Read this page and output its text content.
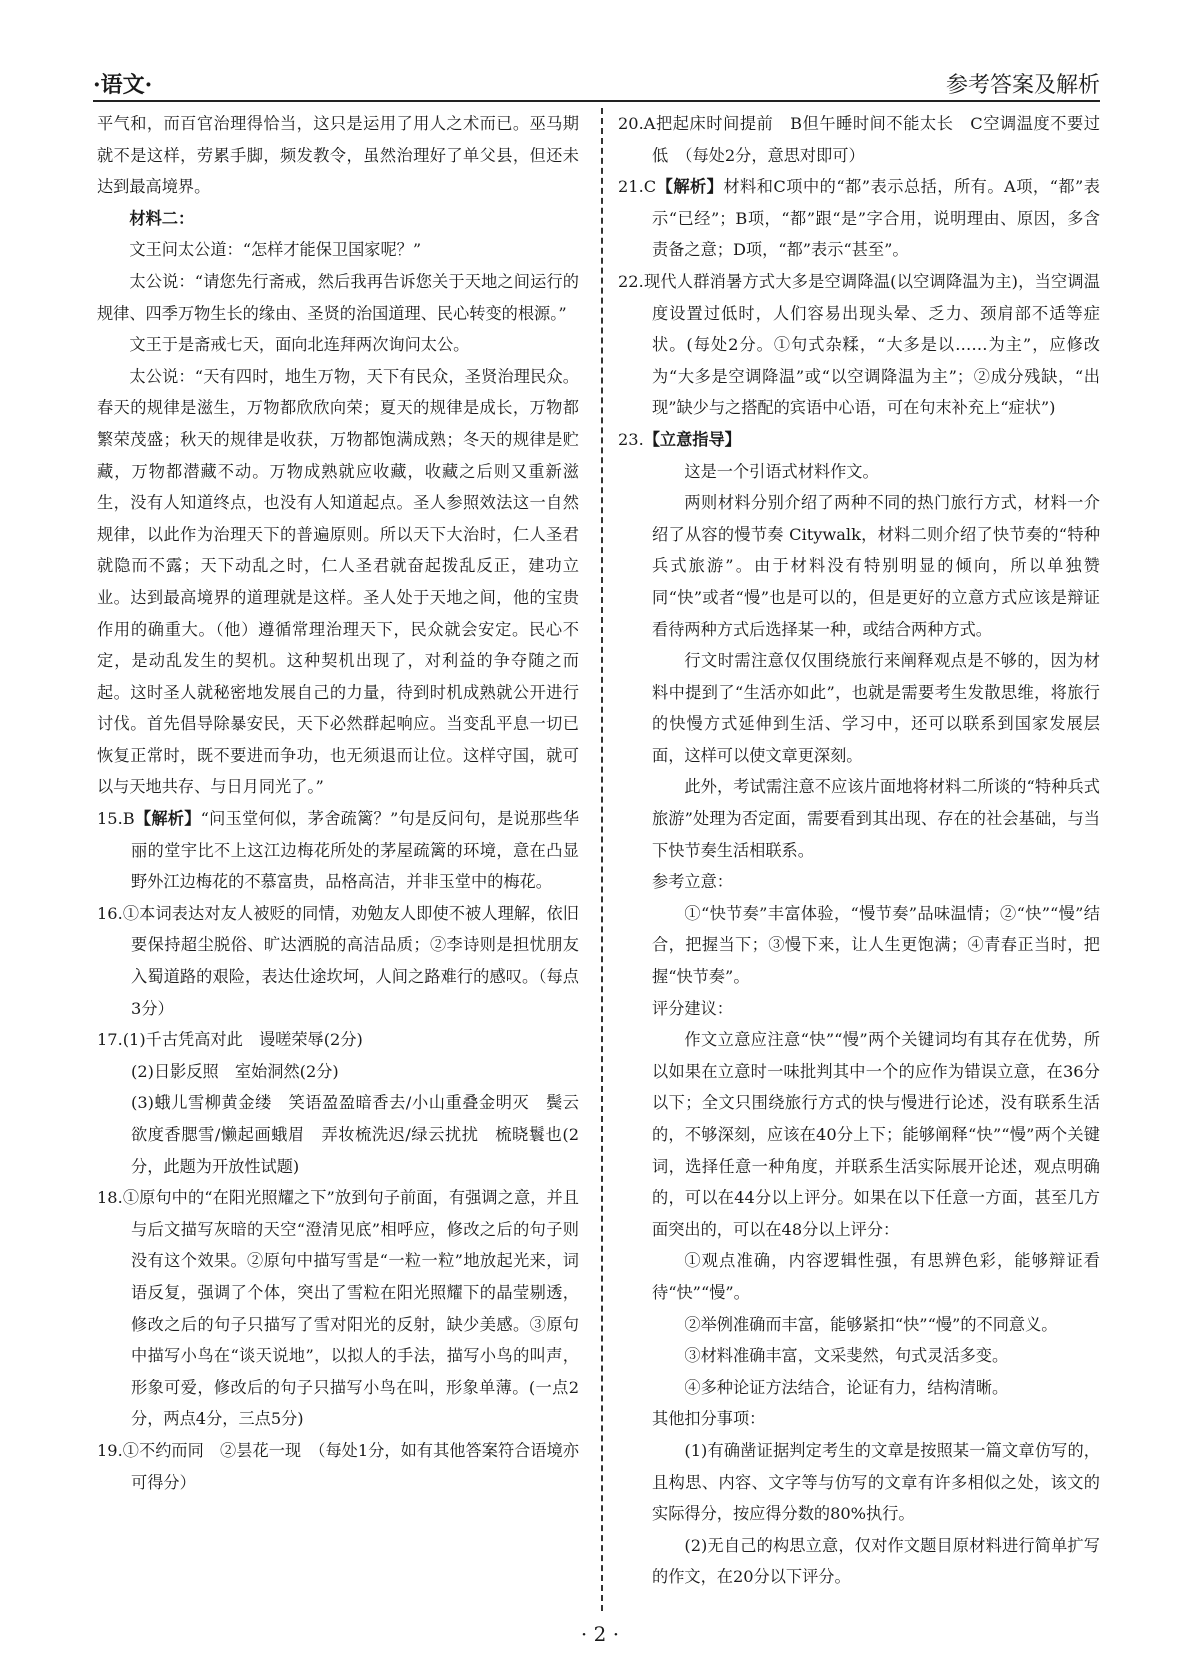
·语文·	参考答案及解析

平气和，而百官治理得恰当，这只是运用了用人之术而已。巫马期就不是这样，劳累手脚，频发教令，虽然治理好了单父县，但还未达到最高境界。

材料二：

文王问太公道：“怎样才能保卫国家呢？”

太公说：“请您先行斋戒，然后我再告诉您关于天地之间运行的规律、四季万物生长的缘由、圣贤的治国道理、民心转变的根源。”

文王于是斋戒七天，面向北连拜两次询问太公。

太公说：“天有四时，地生万物，天下有民众，圣贤治理民众。春天的规律是滋生，万物都欣欣向荣；夏天的规律是成长，万物都繁荣茂盛；秋天的规律是收获，万物都饱满成熟；冬天的规律是贮藏，万物都潜藏不动。万物成熟就应收藏，收藏之后则又重新滋生，没有人知道终点，也没有人知道起点。圣人参照效法这一自然规律，以此作为治理天下的普遍原则。所以天下大治时，仁人圣君就隐而不露；天下动乱之时，仁人圣君就奋起拨乱反正，建功立业。达到最高境界的道理就是这样。圣人处于天地之间，他的宝贵作用的确重大。（他）遵循常理治理天下，民众就会安定。民心不定，是动乱发生的契机。这种契机出现了，对利益的争夺随之而起。这时圣人就秘密地发展自己的力量，待到时机成熟就公开进行讨伐。首先倡导除暴安民，天下必然群起响应。当变乱平息一切已恢复正常时，既不要进而争功，也无须退而让位。这样守国，就可以与天地共存、与日月同光了。”

15.B【解析】“问玉堂何似，茅舍疏篱？”句是反问句，是说那些华丽的堂宇比不上这江边梅花所处的茅屋疏篱的环境，意在凸显野外江边梅花的不慕富贵，品格高洁，并非玉堂中的梅花。

16.①本词表达对友人被贬的同情，劝勉友人即使不被人理解，依旧要保持超尘脱俗、旷达洒脱的高洁品质；②李诗则是担忧朋友入蜀道路的艰险，表达仕途坎坷，人间之路难行的感叹。（每点3分）

17.(1)千古凭高对此　谩嗟荣辱(2分)

(2)日影反照　室始洞然(2分)

(3)蛾儿雪柳黄金缕　笑语盈盈暗香去/小山重叠金明灭　鬓云欲度香腮雪/懒起画蛾眉　弄妆梳洗迟/绿云扰扰　梳晓鬟也(2分，此题为开放性试题)

18.①原句中的“在阳光照耀之下”放到句子前面，有强调之意，并且与后文描写灰暗的天空“澄清见底”相呼应，修改之后的句子则没有这个效果。②原句中描写雪是“一粒一粒”地放起光来，词语反复，强调了个体，突出了雪粒在阳光照耀下的晶莹剔透，修改之后的句子只描写了雪对阳光的反射，缺少美感。③原句中描写小鸟在“谈天说地”，以拟人的手法，描写小鸟的叫声，形象可爱，修改后的句子只描写小鸟在叫，形象单薄。(一点2分，两点4分，三点5分)

19.①不约而同　②昙花一现　（每处1分，如有其他答案符合语境亦可得分）

20.A把起床时间提前　B但午睡时间不能太长　C空调温度不要过低　（每处2分，意思对即可）

21.C【解析】材料和C项中的“都”表示总括，所有。A项，“都”表示“已经”；B项，“都”跟“是”字合用，说明理由、原因，多含责备之意；D项，“都”表示“甚至”。

22.现代人群消暑方式大多是空调降温(以空调降温为主)，当空调温度设置过低时，人们容易出现头晕、乏力、颈肩部不适等症状。(每处2分。①句式杂糅，“大多是以……为主”，应修改为“大多是空调降温”或“以空调降温为主”；②成分残缺，“出现”缺少与之搭配的宾语中心语，可在句末补充上“症状”)

23.【立意指导】

这是一个引语式材料作文。

两则材料分别介绍了两种不同的热门旅行方式，材料一介绍了从容的慢节奏 Citywalk，材料二则介绍了快节奏的“特种兵式旅游”。由于材料没有特别明显的倾向，所以单独赞同“快”或者“慢”也是可以的，但是更好的立意方式应该是辩证看待两种方式后选择某一种，或结合两种方式。

行文时需注意仅仅围绕旅行来阐释观点是不够的，因为材料中提到了“生活亦如此”，也就是需要考生发散思维，将旅行的快慢方式延伸到生活、学习中，还可以联系到国家发展层面，这样可以使文章更深刻。

此外，考试需注意不应该片面地将材料二所谈的“特种兵式旅游”处理为否定面，需要看到其出现、存在的社会基础，与当下快节奏生活相联系。

参考立意：

①“快节奏”丰富体验，“慢节奏”品味温情；②“快”“慢”结合，把握当下；③慢下来，让人生更饱满；④青春正当时，把握“快节奏”。

评分建议：

作文立意应注意“快”“慢”两个关键词均有其存在优势，所以如果在立意时一味批判其中一个的应作为错误立意，在36分以下；全文只围绕旅行方式的快与慢进行论述，没有联系生活的，不够深刻，应该在40分上下；能够阐释“快”“慢”两个关键词，选择任意一种角度，并联系生活实际展开论述，观点明确的，可以在44分以上评分。如果在以下任意一方面，甚至几方面突出的，可以在48分以上评分：

①观点准确，内容逻辑性强，有思辨色彩，能够辩证看待“快”“慢”。

②举例准确而丰富，能够紧扣“快”“慢”的不同意义。

③材料准确丰富，文采斐然，句式灵活多变。

④多种论证方法结合，论证有力，结构清晰。

其他扣分事项：

(1)有确凿证据判定考生的文章是按照某一篇文章仿写的，且构思、内容、文字等与仿写的文章有许多相似之处，该文的实际得分，按应得分数的80%执行。

(2)无自己的构思立意，仅对作文题目原材料进行简单扩写的作文，在20分以下评分。

· 2 ·
